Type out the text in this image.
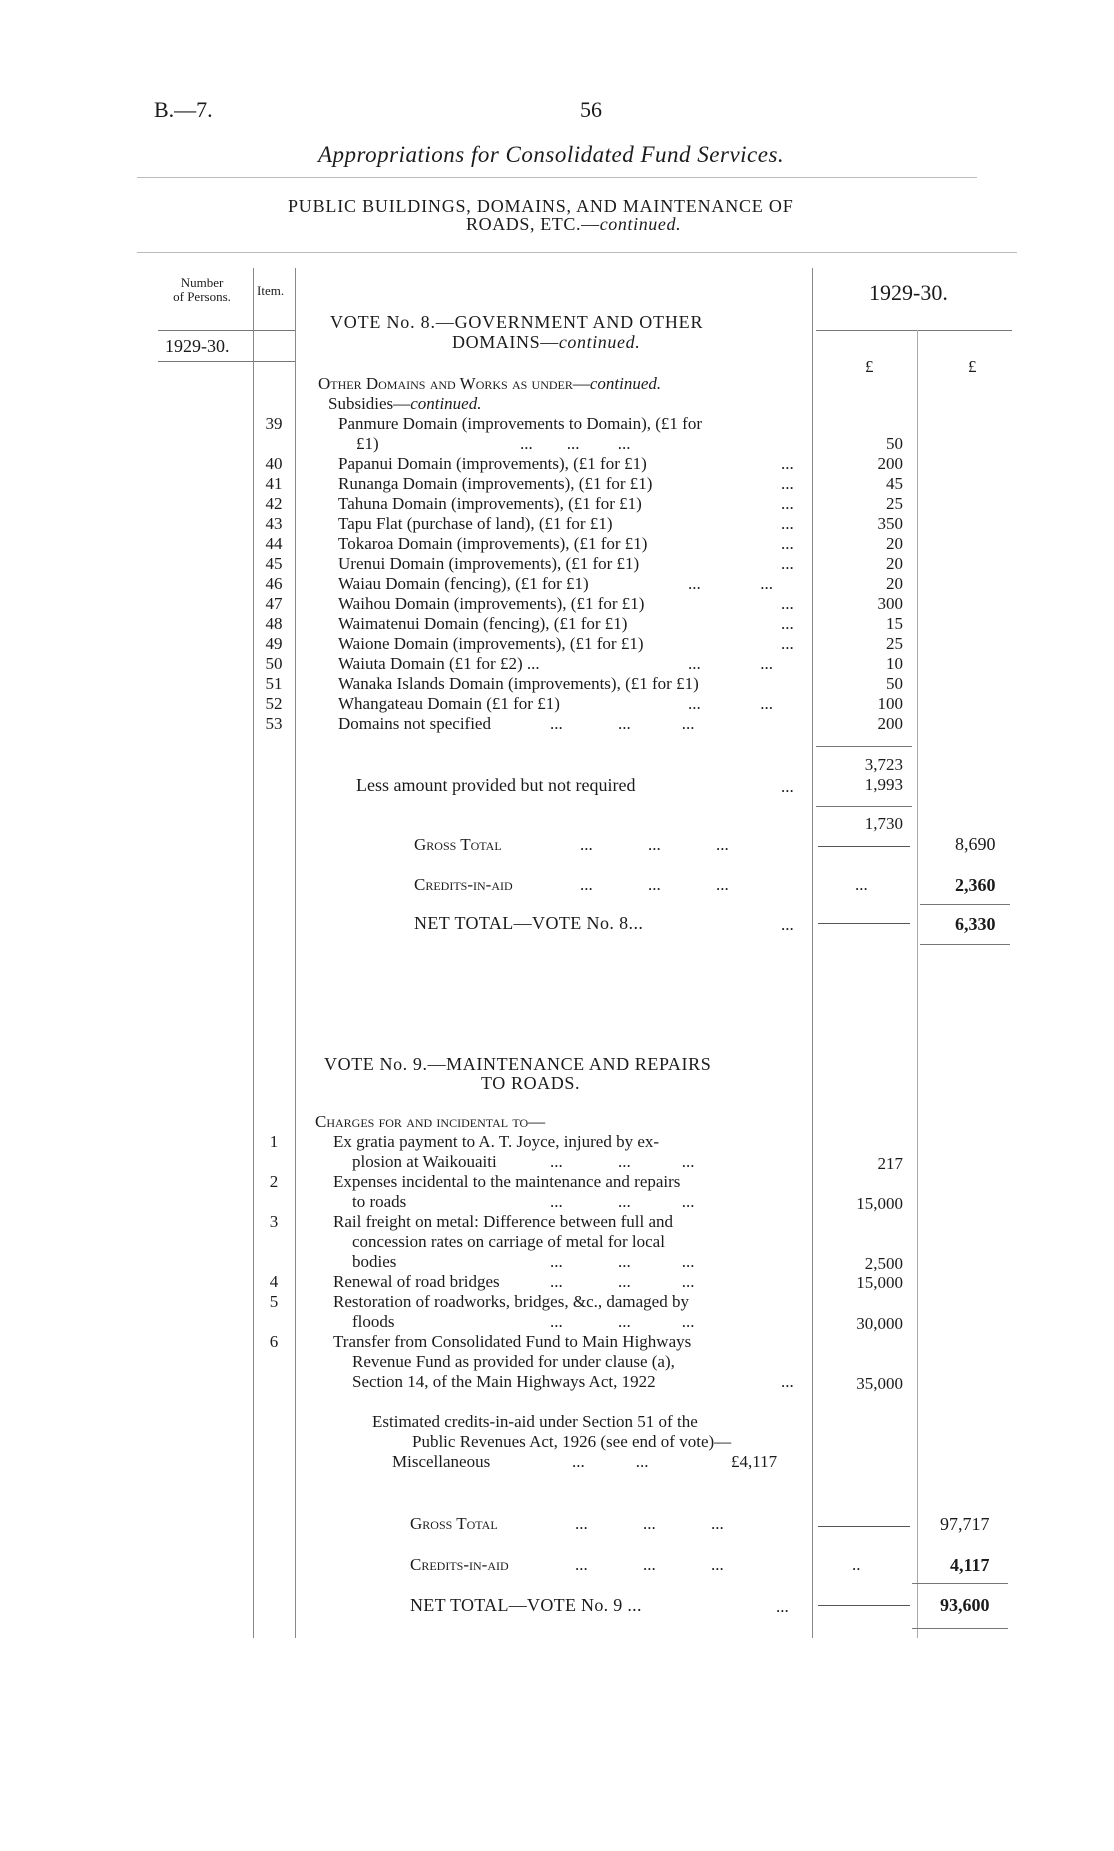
B.—7.	56
Appropriations for Consolidated Fund Services.
PUBLIC BUILDINGS, DOMAINS, AND MAINTENANCE OF
ROADS, ETC.—continued.
Number
of Persons.	Item.	1929-30.
1929-30.
£	£
VOTE No. 8.—GOVERNMENT AND OTHER
DOMAINS—continued.
Other Domains and Works as under—continued.
Subsidies—continued.
39	Panmure Domain (improvements to Domain), (£1 for
£1)	... ... ...	50
40	Papanui Domain (improvements), (£1 for £1)	...	200
41	Runanga Domain (improvements), (£1 for £1)	...	45
42	Tahuna Domain (improvements), (£1 for £1)	...	25
43	Tapu Flat (purchase of land), (£1 for £1)	...	350
44	Tokaroa Domain (improvements), (£1 for £1)	...	20
45	Urenui Domain (improvements), (£1 for £1)	...	20
46	Waiau Domain (fencing), (£1 for £1)	...	...	20
47	Waihou Domain (improvements), (£1 for £1)	...	300
48	Waimatenui Domain (fencing), (£1 for £1)	...	15
49	Waione Domain (improvements), (£1 for £1)	...	25
50	Waiuta Domain (£1 for £2) ...	...	...	10
51	Wanaka Islands Domain (improvements), (£1 for £1)	50
52	Whangateau Domain (£1 for £1)	...	...	100
53	Domains not specified	...	...	...	200
3,723
Less amount provided but not required	...	1,993
1,730
Gross Total	...	...	...	8,690
Credits-in-aid	...	...	...	...	2,360
NET TOTAL—VOTE No. 8...	...	6,330
VOTE No. 9.—MAINTENANCE AND REPAIRS
TO ROADS.
Charges for and incidental to—
1	Ex gratia payment to A. T. Joyce, injured by ex-
plosion at Waikouaiti	...	...	...	217
2	Expenses incidental to the maintenance and repairs
to roads	...	...	...	15,000
3	Rail freight on metal: Difference between full and
concession rates on carriage of metal for local
bodies	...	...	...	2,500
4	Renewal of road bridges	...	...	...	15,000
5	Restoration of roadworks, bridges, &c., damaged by
floods	...	...	...	30,000
6	Transfer from Consolidated Fund to Main Highways
Revenue Fund as provided for under clause (a),
Section 14, of the Main Highways Act, 1922	...	35,000
Estimated credits-in-aid under Section 51 of the
Public Revenues Act, 1926 (see end of vote)—
Miscellaneous	...	...	£4,117
Gross Total	...	...	...	97,717
Credits-in-aid	...	...	...	..	4,117
NET TOTAL—VOTE No. 9 ...	...	93,600
